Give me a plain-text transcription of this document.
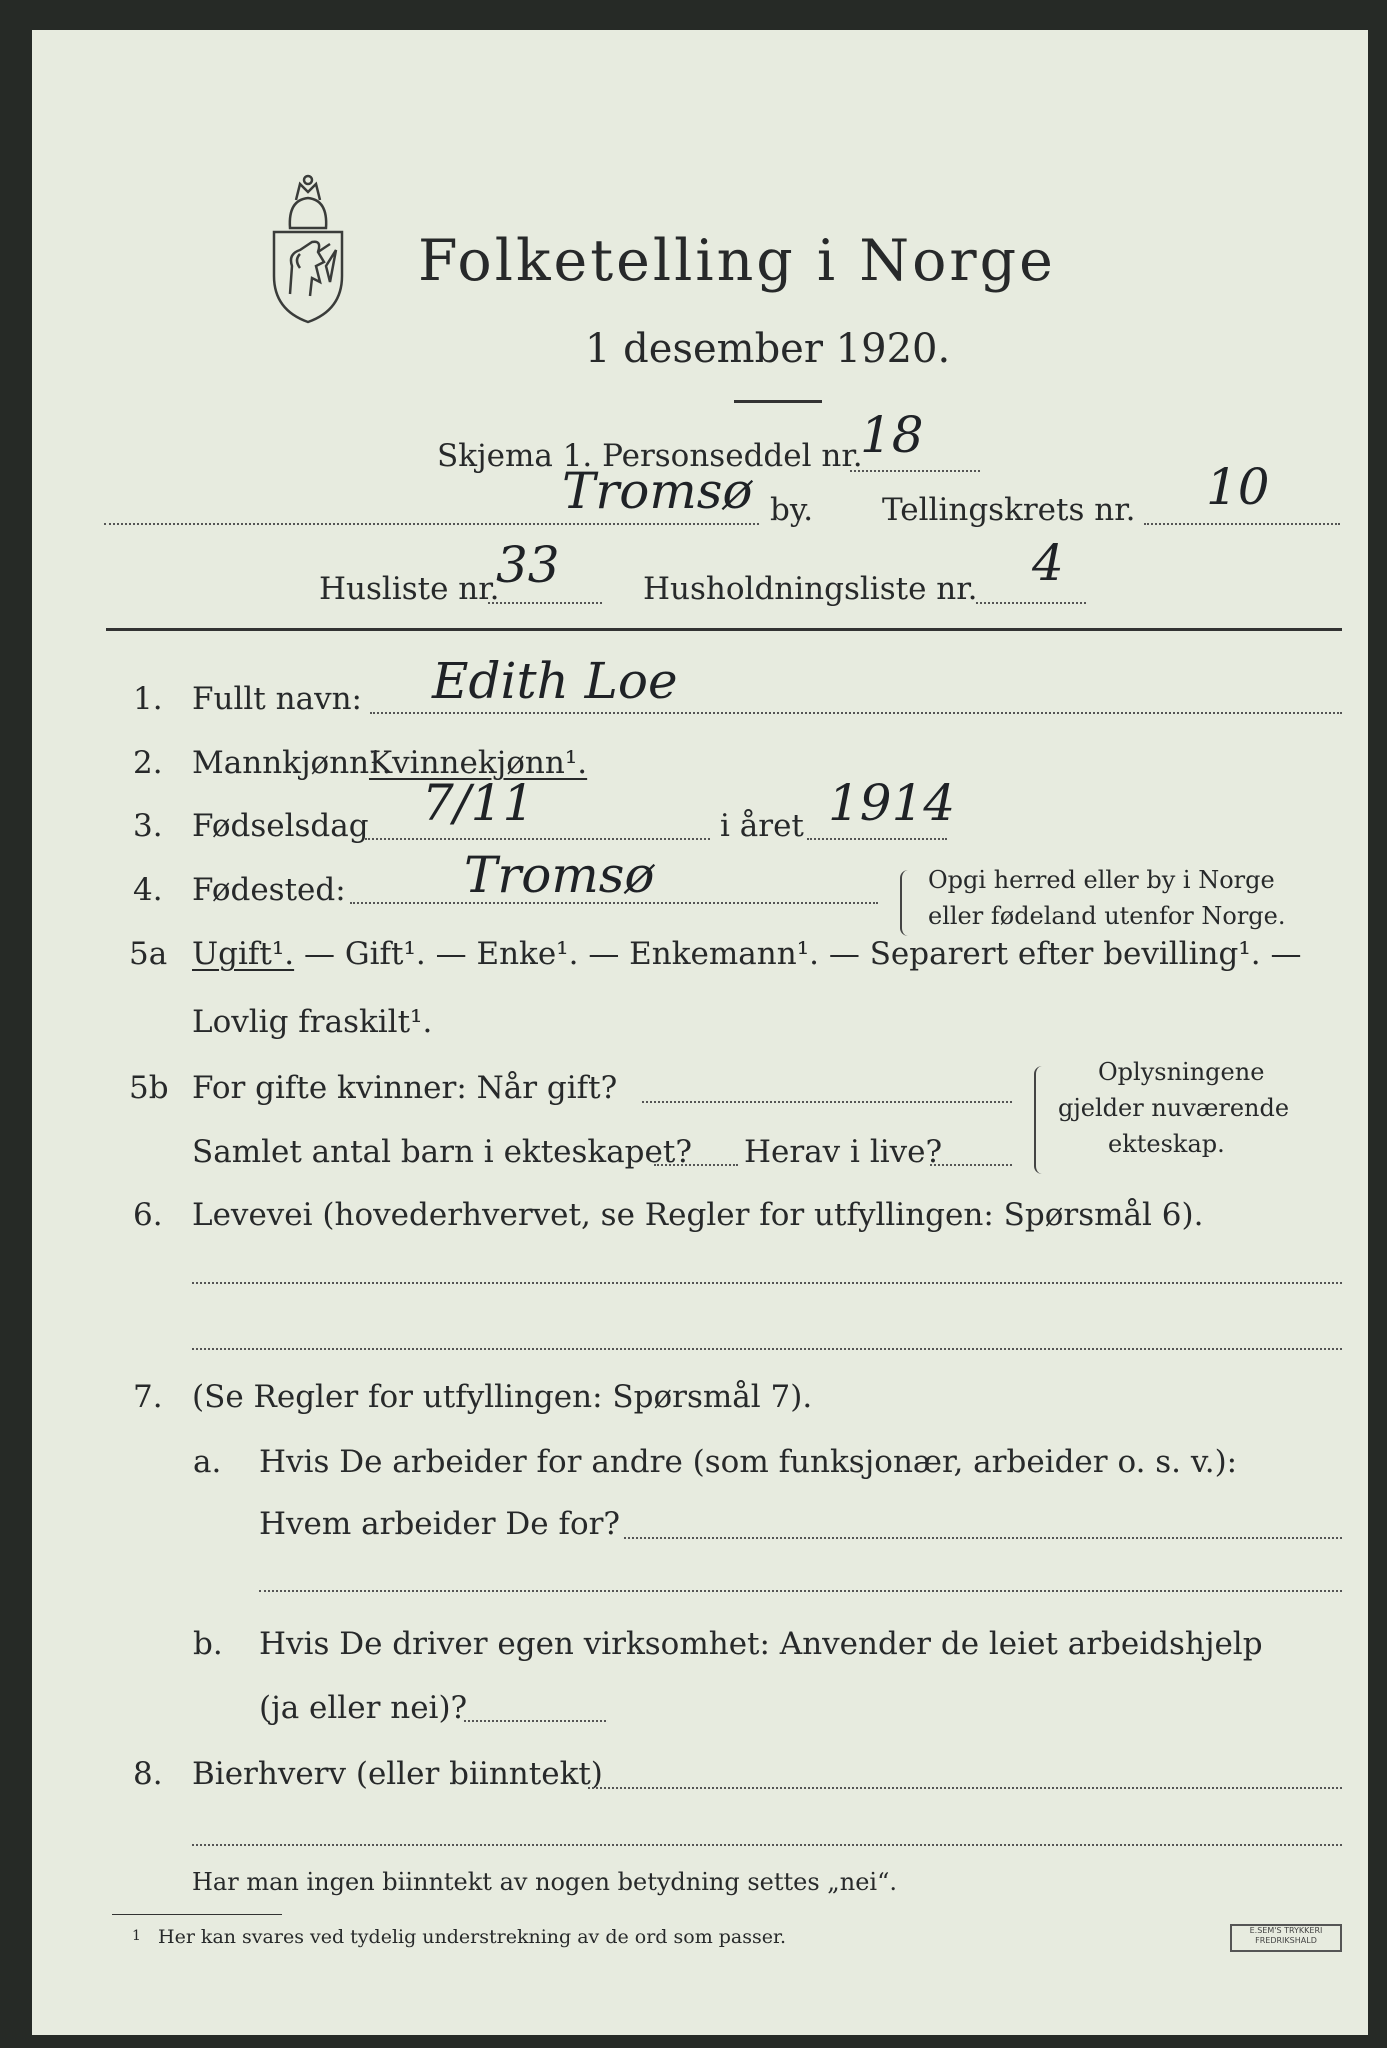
Folketelling i Norge
1 desember 1920.
Skjema 1. Personseddel nr.
18
Tromsø by. Tellingskrets nr. 10
Husliste nr.
33	Husholdningsliste nr. 4
1. Fullt navn: Edith Loe
2. Mannkjønn¹.
Kvinnekjønn¹.
3. Fødselsdag 7/11	i året 1914
4. Fødested: Tromsø	Opgi herred eller by i Norge
eller fødeland utenfor Norge.
5a Ugift¹. — Gift¹. — Enke¹. — Enkemann¹. — Separert efter bevilling¹. —
Lovlig fraskilt¹.
5b For gifte kvinner: Når gift?
Samlet antal barn i ekteskapet? Herav i live?
Oplysningene
gjelder nuværende
ekteskap.
6. Levevei (hovederhvervet, se Regler for utfyllingen: Spørsmål 6).
7. (Se Regler for utfyllingen: Spørsmål 7).
a. Hvis De arbeider for andre (som funksjonær, arbeider o. s. v.):
Hvem arbeider De for?
b. Hvis De driver egen virksomhet: Anvender de leiet arbeidshjelp
(ja eller nei)?
8. Bierhverv (eller biinntekt)
Har man ingen biinntekt av nogen betydning settes „nei“.
1 Her kan svares ved tydelig understrekning av de ord som passer.	E.SEM'S TRYKKERI
FREDRIKSHALD
